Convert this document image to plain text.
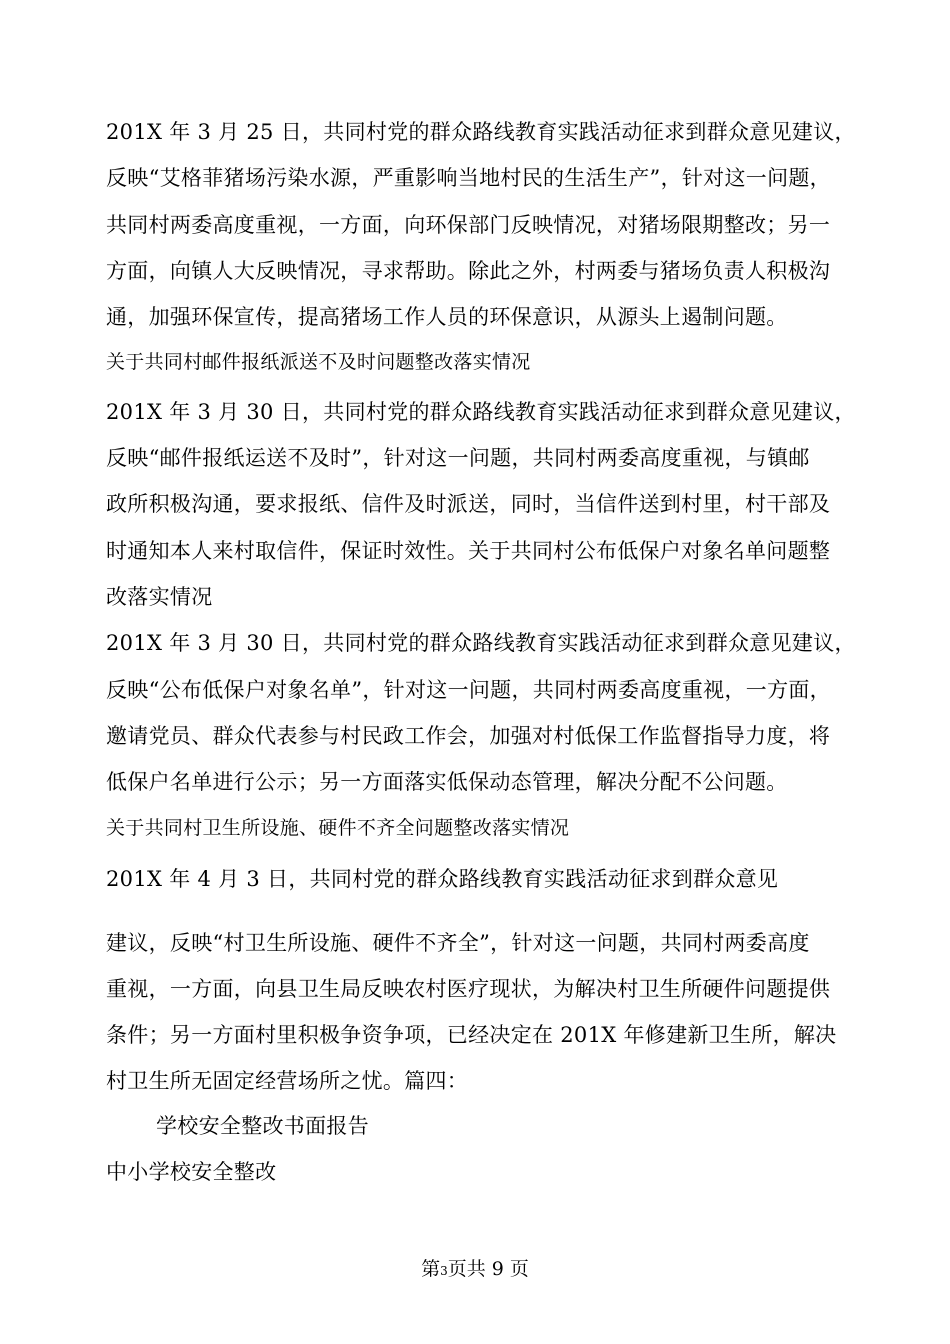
201X 年 3 月 25 日，共同村党的群众路线教育实践活动征求到群众意见建议，
反映“艾格菲猪场污染水源，严重影响当地村民的生活生产”，针对这一问题，
共同村两委高度重视，一方面，向环保部门反映情况，对猪场限期整改；另一
方面，向镇人大反映情况，寻求帮助。除此之外，村两委与猪场负责人积极沟
通，加强环保宣传，提高猪场工作人员的环保意识，从源头上遏制问题。
关于共同村邮件报纸派送不及时问题整改落实情况
201X 年 3 月 30 日，共同村党的群众路线教育实践活动征求到群众意见建议，
反映“邮件报纸运送不及时”，针对这一问题，共同村两委高度重视，与镇邮
政所积极沟通，要求报纸、信件及时派送，同时，当信件送到村里，村干部及
时通知本人来村取信件，保证时效性。关于共同村公布低保户对象名单问题整
改落实情况
201X 年 3 月 30 日，共同村党的群众路线教育实践活动征求到群众意见建议，
反映“公布低保户对象名单”，针对这一问题，共同村两委高度重视，一方面，
邀请党员、群众代表参与村民政工作会，加强对村低保工作监督指导力度，将
低保户名单进行公示；另一方面落实低保动态管理，解决分配不公问题。
关于共同村卫生所设施、硬件不齐全问题整改落实情况
201X 年 4 月 3 日，共同村党的群众路线教育实践活动征求到群众意见
建议，反映“村卫生所设施、硬件不齐全”，针对这一问题，共同村两委高度
重视，一方面，向县卫生局反映农村医疗现状，为解决村卫生所硬件问题提供
条件；另一方面村里积极争资争项，已经决定在 201X 年修建新卫生所，解决
村卫生所无固定经营场所之忧。篇四：
学校安全整改书面报告
中小学校安全整改
第3页共 9 页
